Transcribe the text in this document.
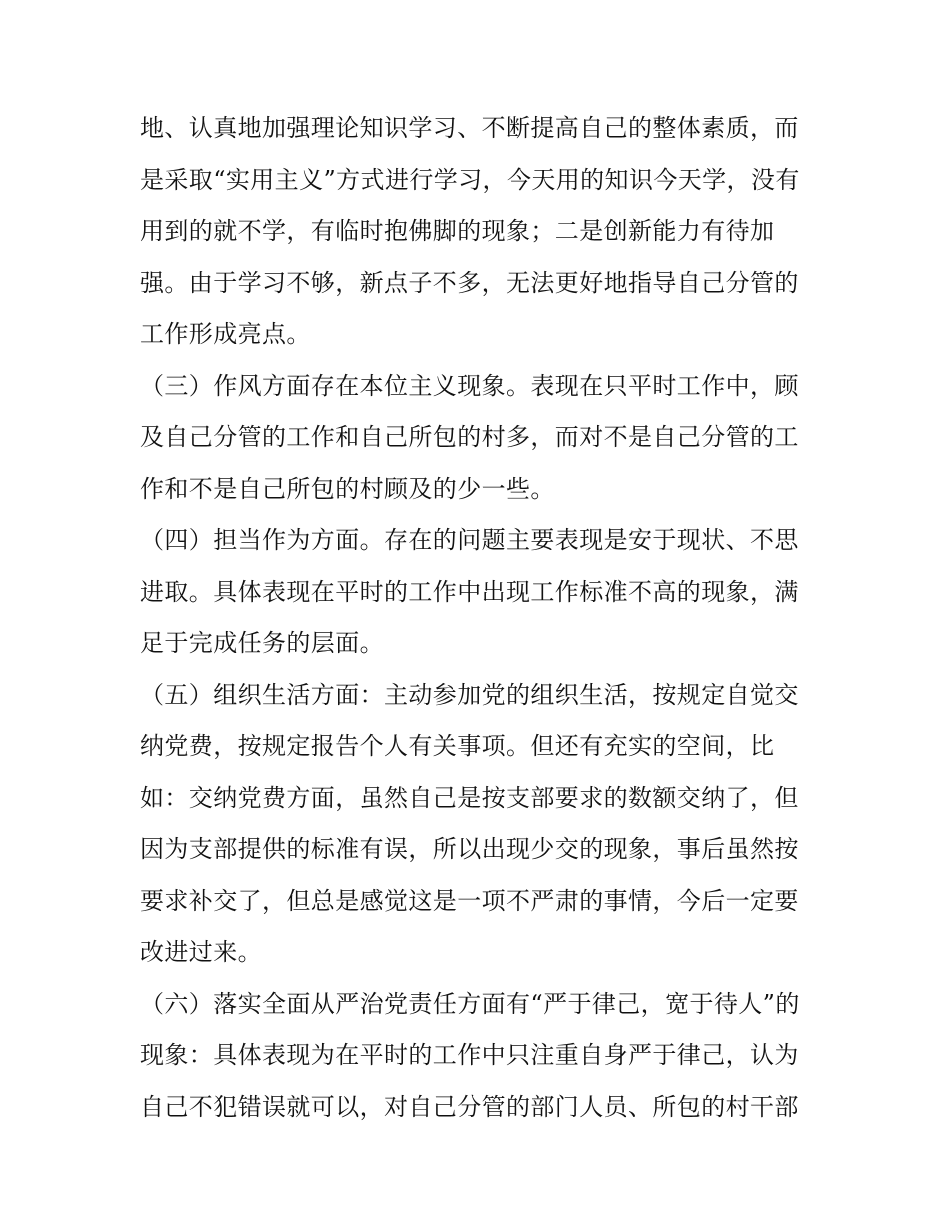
地、认真地加强理论知识学习、不断提高自己的整体素质，而
是采取“实用主义”方式进行学习，今天用的知识今天学，没有
用到的就不学，有临时抱佛脚的现象；二是创新能力有待加
强。由于学习不够，新点子不多，无法更好地指导自己分管的
工作形成亮点。
（三）作风方面存在本位主义现象。表现在只平时工作中，顾
及自己分管的工作和自己所包的村多，而对不是自己分管的工
作和不是自己所包的村顾及的少一些。
（四）担当作为方面。存在的问题主要表现是安于现状、不思
进取。具体表现在平时的工作中出现工作标准不高的现象，满
足于完成任务的层面。
（五）组织生活方面：主动参加党的组织生活，按规定自觉交
纳党费，按规定报告个人有关事项。但还有充实的空间，比
如：交纳党费方面，虽然自己是按支部要求的数额交纳了，但
因为支部提供的标准有误，所以出现少交的现象，事后虽然按
要求补交了，但总是感觉这是一项不严肃的事情，今后一定要
改进过来。
（六）落实全面从严治党责任方面有“严于律己，宽于待人”的
现象：具体表现为在平时的工作中只注重自身严于律己，认为
自己不犯错误就可以，对自己分管的部门人员、所包的村干部
